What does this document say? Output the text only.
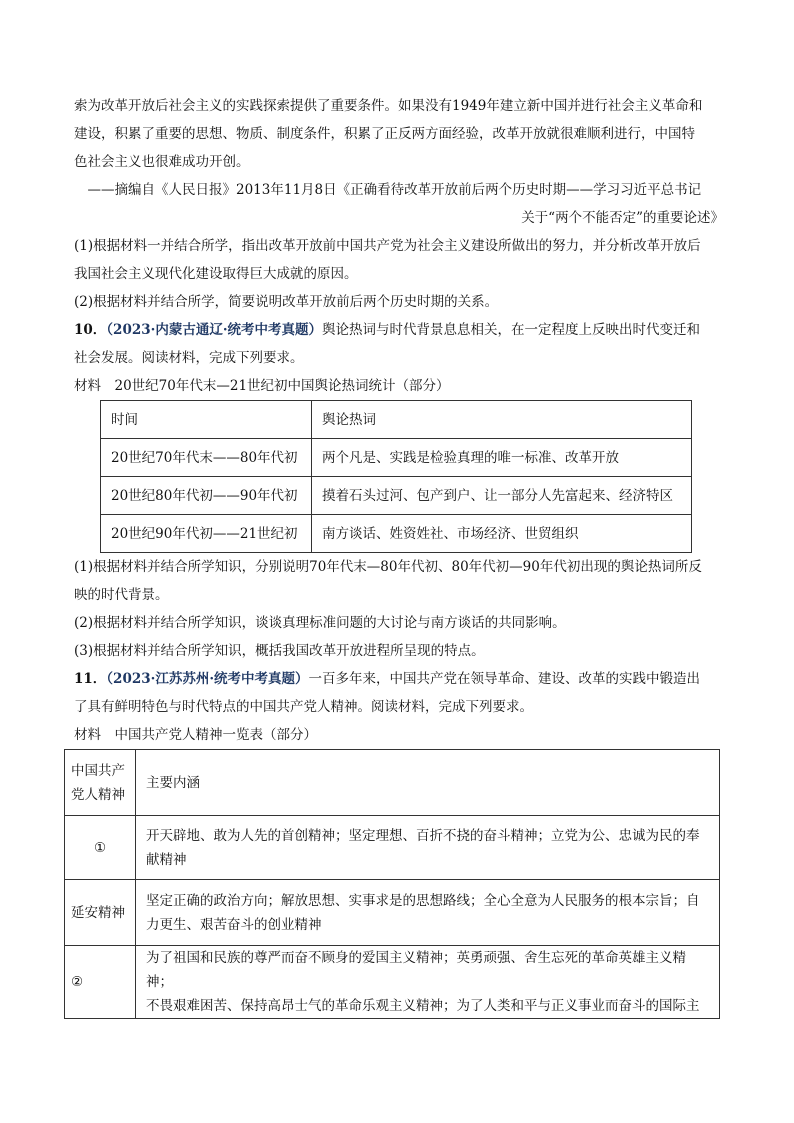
索为改革开放后社会主义的实践探索提供了重要条件。如果没有1949年建立新中国并进行社会主义革命和

建设，积累了重要的思想、物质、制度条件，积累了正反两方面经验，改革开放就很难顺利进行，中国特

色社会主义也很难成功开创。

——摘编自《人民日报》2013年11月8日《正确看待改革开放前后两个历史时期——学习习近平总书记

关于“两个不能否定”的重要论述》

(1)根据材料一并结合所学，指出改革开放前中国共产党为社会主义建设所做出的努力，并分析改革开放后

我国社会主义现代化建设取得巨大成就的原因。

(2)根据材料并结合所学，简要说明改革开放前后两个历史时期的关系。

10．（2023·内蒙古通辽·统考中考真题）舆论热词与时代背景息息相关，在一定程度上反映出时代变迁和

社会发展。阅读材料，完成下列要求。

材料　20世纪70年代末—21世纪初中国舆论热词统计（部分）

时间	舆论热词
20世纪70年代末——80年代初	两个凡是、实践是检验真理的唯一标准、改革开放
20世纪80年代初——90年代初	摸着石头过河、包产到户、让一部分人先富起来、经济特区
20世纪90年代初——21世纪初	南方谈话、姓资姓社、市场经济、世贸组织

(1)根据材料并结合所学知识，分别说明70年代末—80年代初、80年代初—90年代初出现的舆论热词所反

映的时代背景。

(2)根据材料并结合所学知识，谈谈真理标准问题的大讨论与南方谈话的共同影响。

(3)根据材料并结合所学知识，概括我国改革开放进程所呈现的特点。

11．（2023·江苏苏州·统考中考真题）一百多年来，中国共产党在领导革命、建设、改革的实践中锻造出

了具有鲜明特色与时代特点的中国共产党人精神。阅读材料，完成下列要求。

材料　中国共产党人精神一览表（部分）

中国共产
党人精神	主要内涵
①	开天辟地、敢为人先的首创精神；坚定理想、百折不挠的奋斗精神；立党为公、忠诚为民的奉
献精神

延安精神	坚定正确的政治方向；解放思想、实事求是的思想路线；全心全意为人民服务的根本宗旨；自
力更生、艰苦奋斗的创业精神

②	为了祖国和民族的尊严而奋不顾身的爱国主义精神；英勇顽强、舍生忘死的革命英雄主义精神；
不畏艰难困苦、保持高昂士气的革命乐观主义精神；为了人类和平与正义事业而奋斗的国际主
